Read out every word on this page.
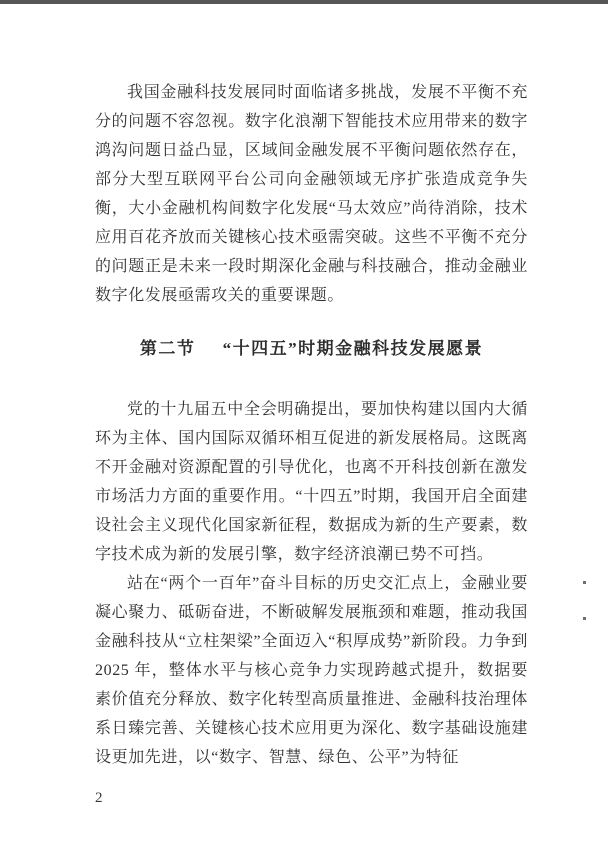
我国金融科技发展同时面临诸多挑战，发展不平衡不充分的问题不容忽视。数字化浪潮下智能技术应用带来的数字鸿沟问题日益凸显，区域间金融发展不平衡问题依然存在，部分大型互联网平台公司向金融领域无序扩张造成竞争失衡，大小金融机构间数字化发展“马太效应”尚待消除，技术应用百花齐放而关键核心技术亟需突破。这些不平衡不充分的问题正是未来一段时期深化金融与科技融合，推动金融业数字化发展亟需攻关的重要课题。

第二节 “十四五”时期金融科技发展愿景

党的十九届五中全会明确提出，要加快构建以国内大循环为主体、国内国际双循环相互促进的新发展格局。这既离不开金融对资源配置的引导优化，也离不开科技创新在激发市场活力方面的重要作用。“十四五”时期，我国开启全面建设社会主义现代化国家新征程，数据成为新的生产要素，数字技术成为新的发展引擎，数字经济浪潮已势不可挡。

站在“两个一百年”奋斗目标的历史交汇点上，金融业要凝心聚力、砥砺奋进，不断破解发展瓶颈和难题，推动我国金融科技从“立柱架梁”全面迈入“积厚成势”新阶段。力争到 2025 年，整体水平与核心竞争力实现跨越式提升，数据要素价值充分释放、数字化转型高质量推进、金融科技治理体系日臻完善、关键核心技术应用更为深化、数字基础设施建设更加先进，以“数字、智慧、绿色、公平”为特征

2
